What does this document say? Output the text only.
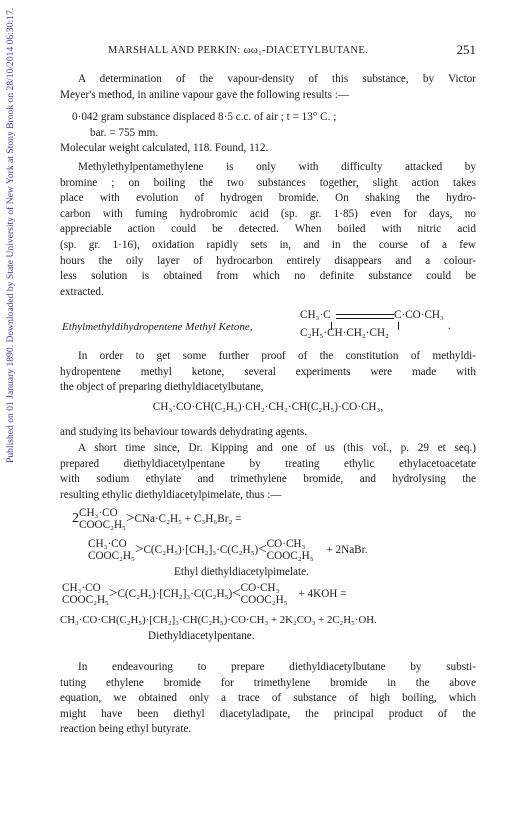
Published on 01 January 1890. Downloaded by State University of New York at Stony Brook on 28/10/2014 06:30:17.	MARSHALL AND PERKIN: ωω₁-DIACETYLBUTANE.	251

A determination of the vapour-density of this substance, by Victor

Meyer's method, in aniline vapour gave the following results :—

0·042 gram substance displaced 8·5 c.c. of air ; t = 13° C. ;

bar. = 755 mm.

Molecular weight calculated, 118. Found, 112.

Methylethylpentamethylene is only with difficulty attacked by

bromine ; on boiling the two substances together, slight action takes

place with evolution of hydrogen bromide. On shaking the hydro-

carbon with fuming hydrobromic acid (sp. gr. 1·85) even for days, no

appreciable action could be detected. When boiled with nitric acid

(sp. gr. 1·16), oxidation rapidly sets in, and in the course of a few

hours the oily layer of hydrocarbon entirely disappears and a colour-

less solution is obtained from which no definite substance could be

extracted.

Ethylmethyldihydropentene Methyl Ketone,
CH₃·C	C·CO·CH₃
C₂H₅·CH·CH₂·CH₂
.

In order to get some further proof of the constitution of methyldi-

hydropentene methyl ketone, several experiments were made with

the object of preparing diethyldiacetylbutane,

CH₃·CO·CH(C₂H₅)·CH₂·CH₂·CH(C₂H₅)·CO·CH₃,

and studying its behaviour towards dehydrating agents.

A short time since, Dr. Kipping and one of us (this vol., p. 29 et seq.)

prepared diethyldiacetylpentane by treating ethylic ethylacetoacetate

with sodium ethylate and trimethylene bromide, and hydrolysing the

resulting ethylic diethyldiacetylpimelate, thus :—

2 CH₃·CO
COOC₂H₅ >CNa·C₂H₅ + C₃H₆Br₂ =
CH₃·CO
COOC₂H₅ >C(C₂H₅)·[CH₂]₃·C(C₂H₅)< CO·CH₃
COOC₂H₅ + 2NaBr.
Ethyl diethyldiacetylpimelate.
CH₃·CO
COOC₂H₅ >C(C₂H₅)·[CH₂]₃·C(C₂H₅)< CO·CH₃
COOC₂H₅ + 4KOH =
CH₃·CO·CH(C₂H₅)·[CH₂]₃·CH(C₂H₅)·CO·CH₃ + 2K₂CO₃ + 2C₂H₅·OH.
Diethyldiacetylpentane.

In endeavouring to prepare diethyldiacetylbutane by substi-

tuting ethylene bromide for trimethylene bromide in the above

equation, we obtained only a trace of substance of high boiling, which

might have been diethyl diacetyladipate, the principal product of the

reaction being ethyl butyrate.
